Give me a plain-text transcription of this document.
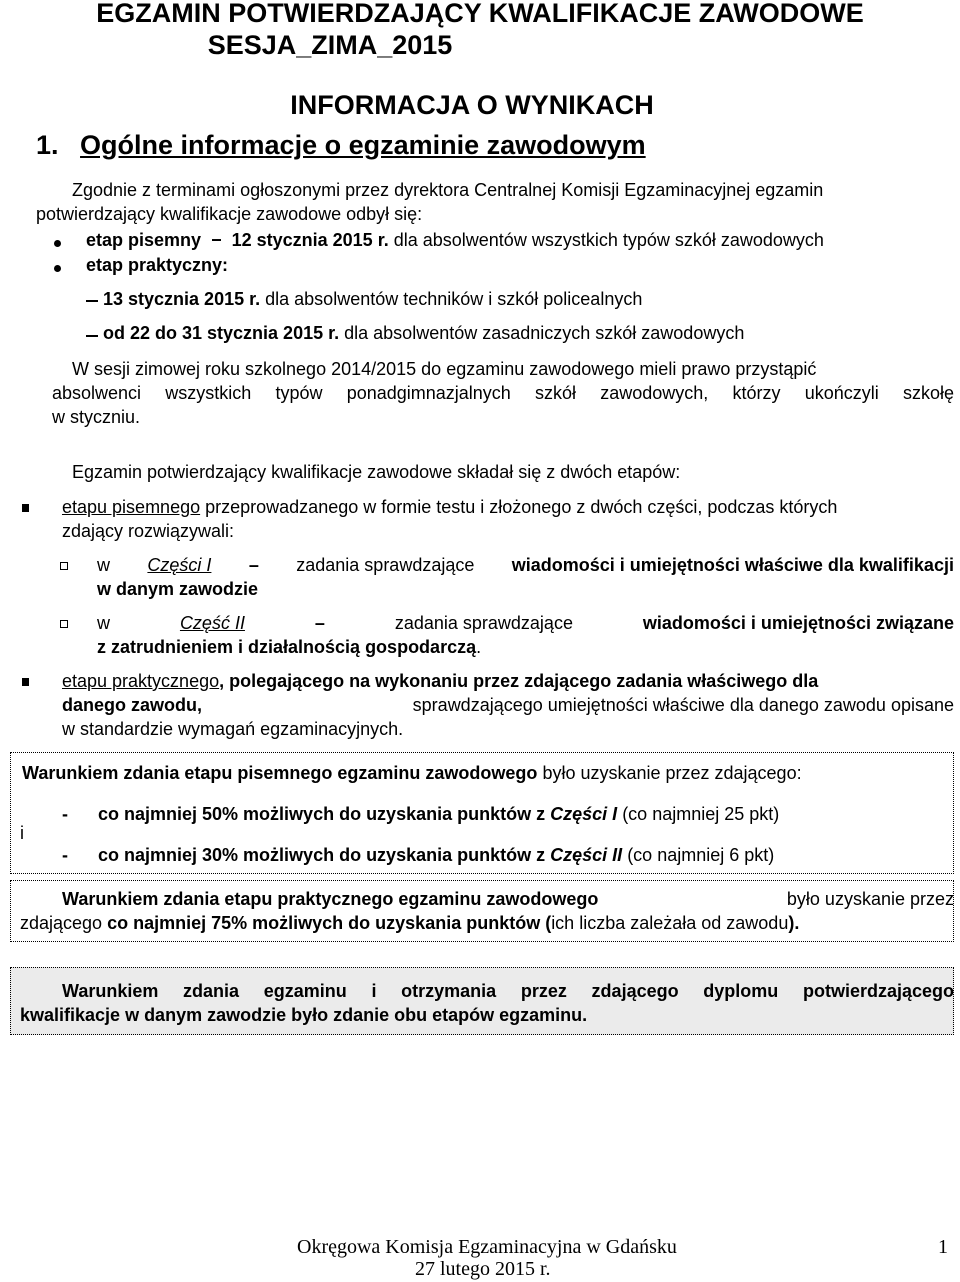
EGZAMIN POTWIERDZAJĄCY KWALIFIKACJE ZAWODOWE
SESJA_ZIMA_2015
INFORMACJA O WYNIKACH
1. Ogólne informacje o egzaminie zawodowym
Zgodnie z terminami ogłoszonymi przez dyrektora Centralnej Komisji Egzaminacyjnej egzamin
potwierdzający kwalifikacje zawodowe odbył się:
etap pisemny  −  12 stycznia 2015 r. dla absolwentów wszystkich typów szkół zawodowych
etap praktyczny:
13 stycznia 2015 r. dla absolwentów techników i szkół policealnych
od 22 do 31 stycznia 2015 r. dla absolwentów zasadniczych szkół zawodowych
W sesji zimowej roku szkolnego 2014/2015 do egzaminu zawodowego mieli prawo przystąpić
absolwenci wszystkich typów ponadgimnazjalnych szkół zawodowych, którzy ukończyli szkołę
w styczniu.
Egzamin potwierdzający kwalifikacje zawodowe składał się z dwóch etapów:
etapu pisemnego przeprowadzanego w formie testu i złożonego z dwóch części, podczas których
zdający rozwiązywali:
w Części I – zadania sprawdzające wiadomości i umiejętności właściwe dla kwalifikacji
w danym zawodzie
w	Część II	–	zadania sprawdzające	wiadomości i umiejętności związane
z zatrudnieniem i działalnością gospodarczą.
etapu praktycznego, polegającego na wykonaniu przez zdającego zadania właściwego dla
danego zawodu,	sprawdzającego umiejętności właściwe dla danego zawodu opisane
w standardzie wymagań egzaminacyjnych.
Warunkiem zdania etapu pisemnego egzaminu zawodowego było uzyskanie przez zdającego:
i
- co najmniej 50% możliwych do uzyskania punktów z Części I (co najmniej 25 pkt)
- co najmniej 30% możliwych do uzyskania punktów z Części II (co najmniej 6 pkt)
Warunkiem zdania etapu praktycznego egzaminu zawodowego	było uzyskanie przez
zdającego co najmniej 75% możliwych do uzyskania punktów (ich liczba zależała od zawodu).
Warunkiem zdania egzaminu i otrzymania przez zdającego dyplomu potwierdzającego
kwalifikacje w danym zawodzie było zdanie obu etapów egzaminu.
Okręgowa Komisja Egzaminacyjna w Gdańsku
27 lutego 2015 r.
1
